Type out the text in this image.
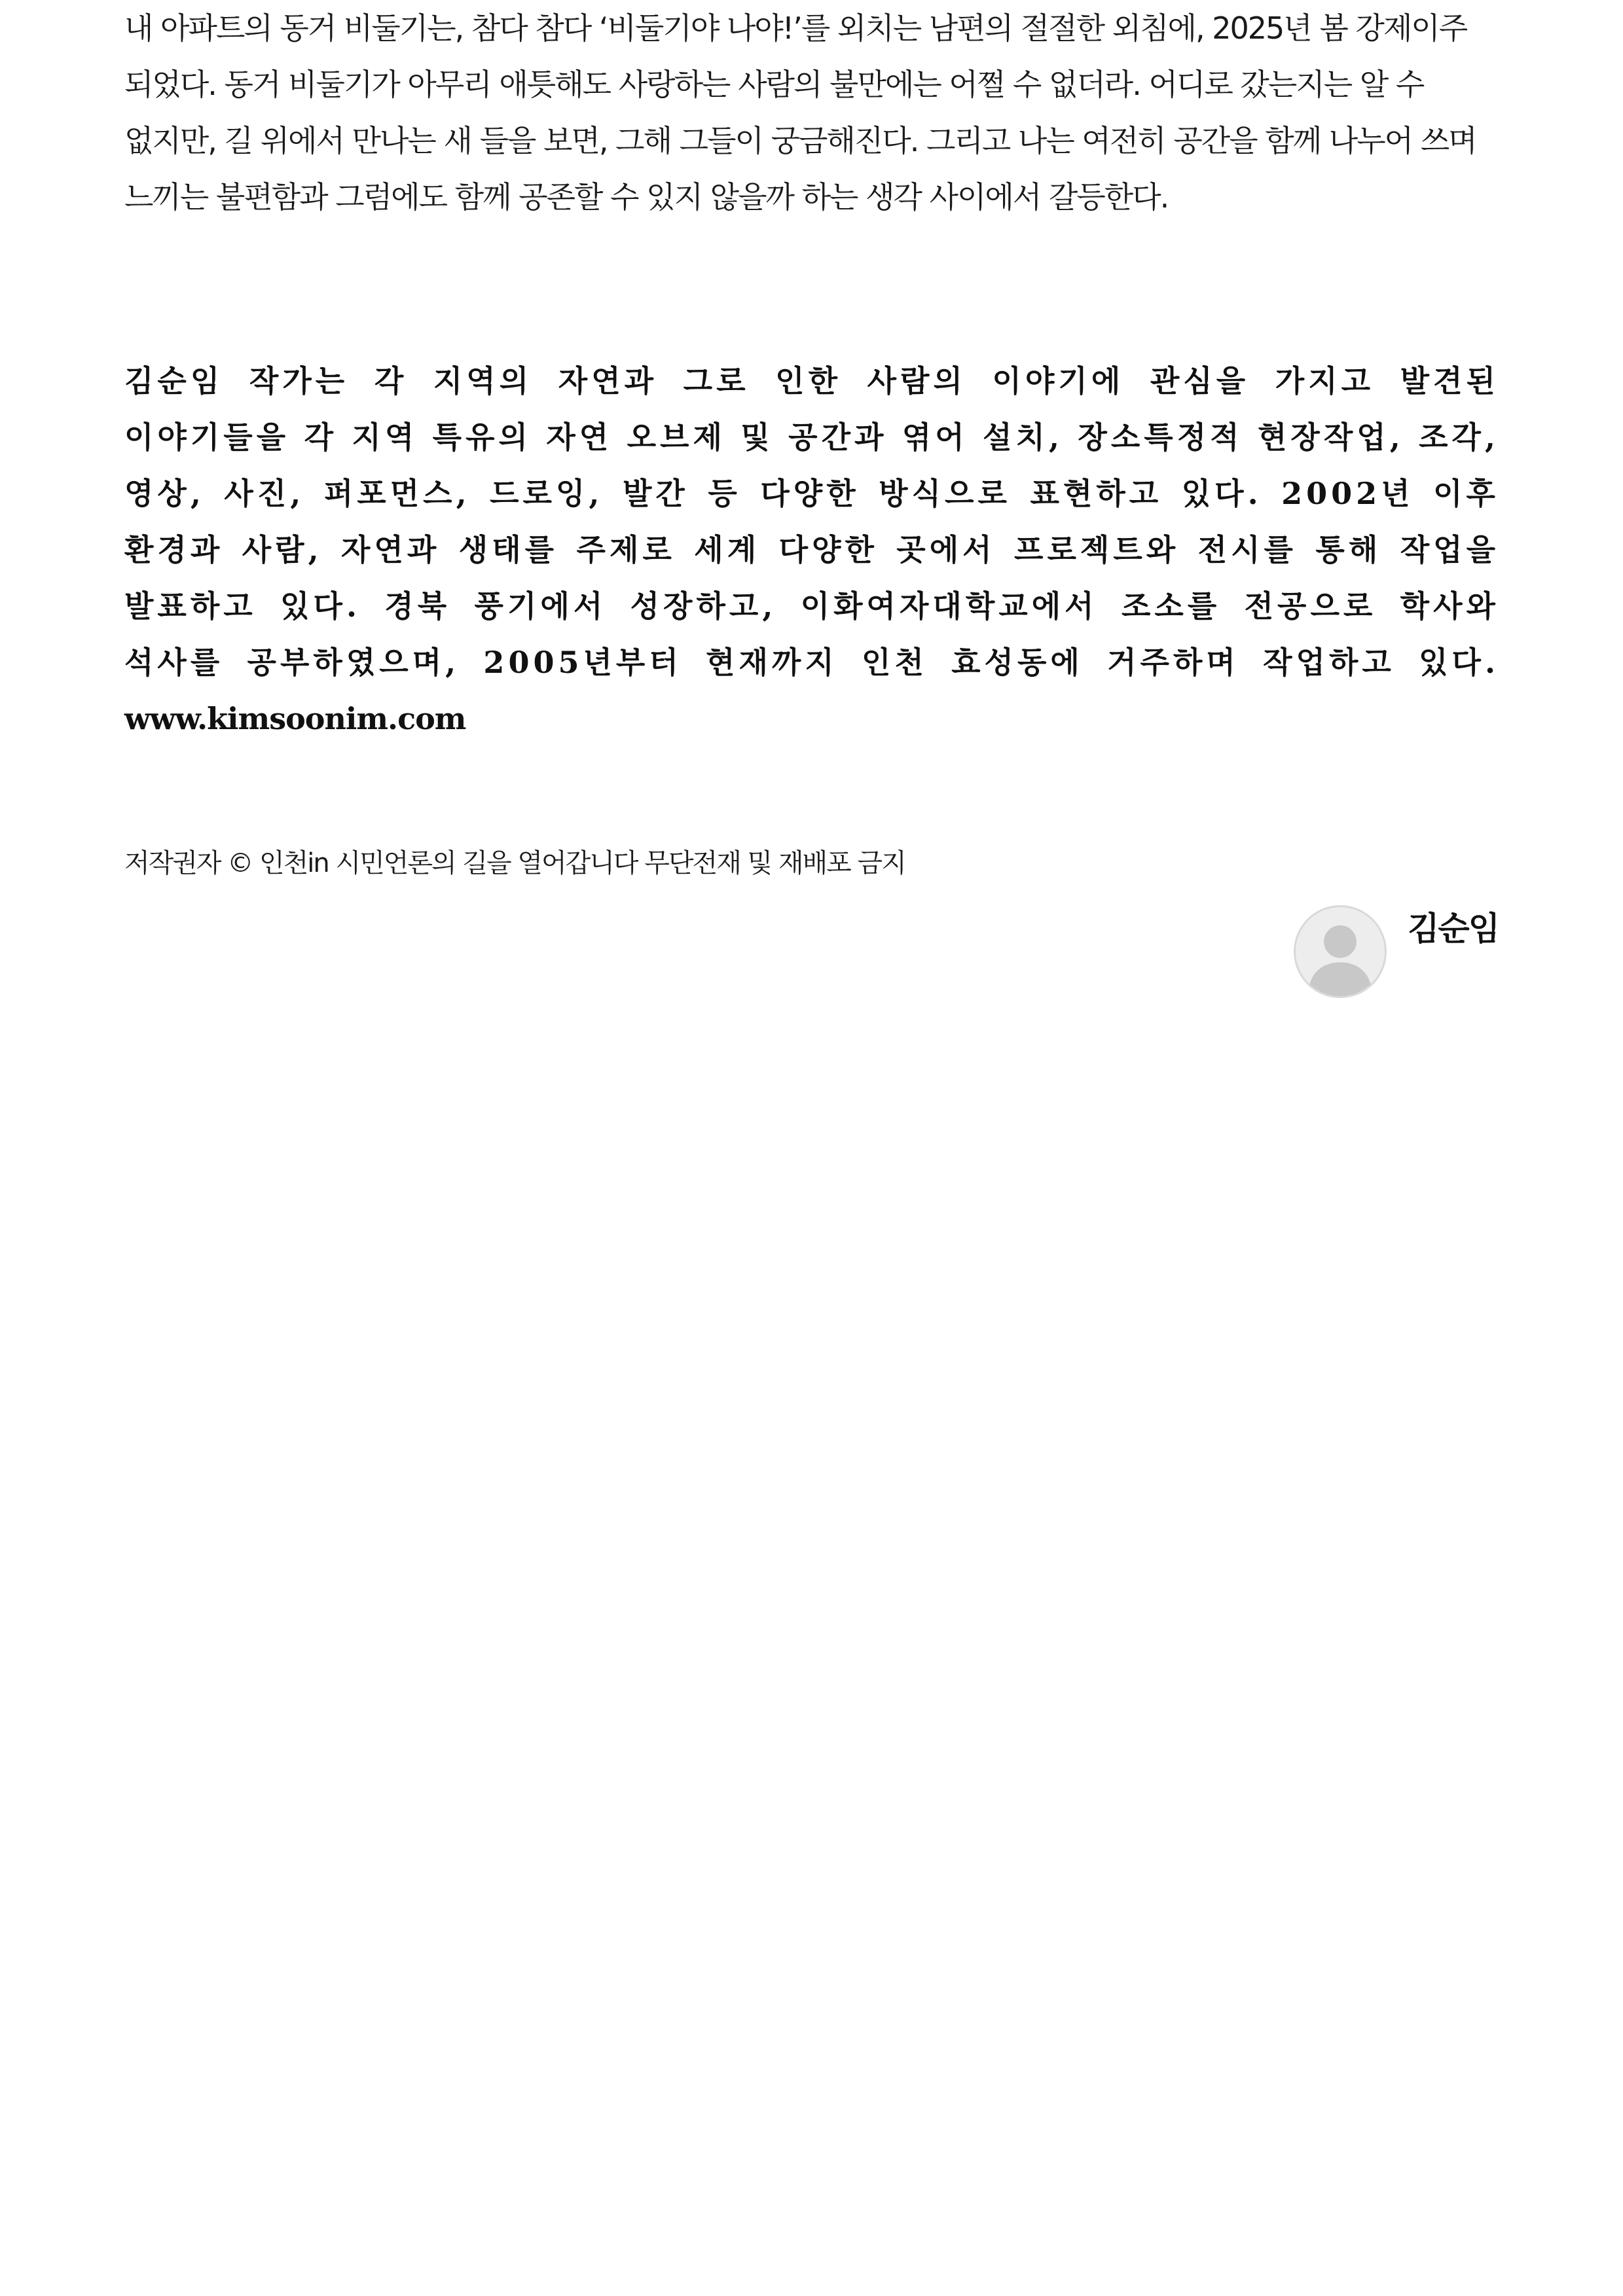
내 아파트의 동거 비둘기는, 참다 참다 ‘비둘기야 나야!’를 외치는 남편의 절절한 외침에, 2025년 봄 강제이주 되었다. 동거 비둘기가 아무리 애틋해도 사랑하는 사람의 불만에는 어쩔 수 없더라. 어디로 갔는지는 알 수 없지만, 길 위에서 만나는 새 들을 보면, 그해 그들이 궁금해진다. 그리고 나는 여전히 공간을 함께 나누어 쓰며 느끼는 불편함과 그럼에도 함께 공존할 수 있지 않을까 하는 생각 사이에서 갈등한다.

김순임 작가는 각 지역의 자연과 그로 인한 사람의 이야기에 관심을 가지고 발견된 이야기들을 각 지역 특유의 자연 오브제 및 공간과 엮어 설치, 장소특정적 현장작업, 조각, 영상, 사진, 퍼포먼스, 드로잉, 발간 등 다양한 방식으로 표현하고 있다. 2002년 이후 환경과 사람, 자연과 생태를 주제로 세계 다양한 곳에서 프로젝트와 전시를 통해 작업을 발표하고 있다. 경북 풍기에서 성장하고, 이화여자대학교에서 조소를 전공으로 학사와 석사를 공부하였으며, 2005년부터 현재까지 인천 효성동에 거주하며 작업하고 있다. www.kimsoonim.com

저작권자 © 인천in 시민언론의 길을 열어갑니다 무단전재 및 재배포 금지

김순임
